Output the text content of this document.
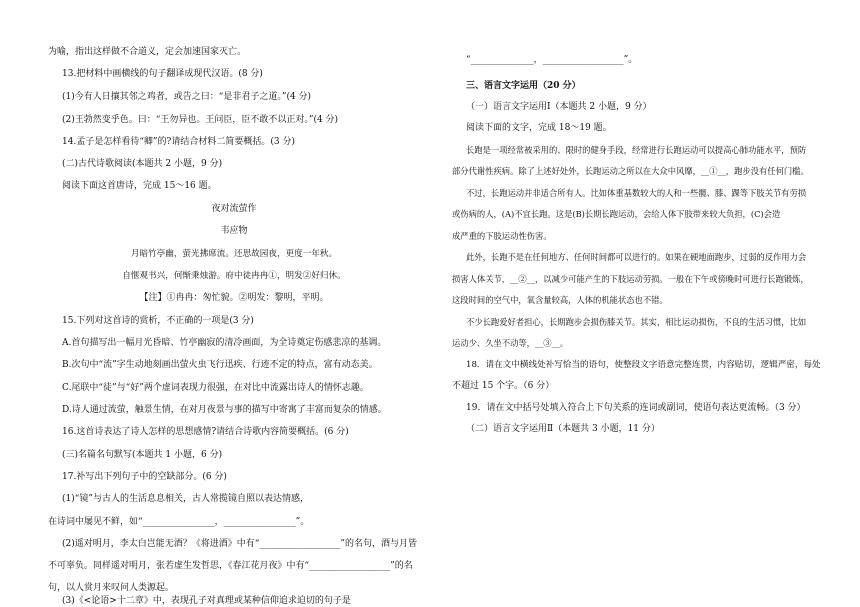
为喻，指出这样做不合道义，定会加速国家灭亡。
13.把材料中画横线的句子翻译成现代汉语。(8 分)
(1)今有人日攘其邻之鸡者，或告之曰：“是非君子之道。”(4 分)
(2)王勃然变乎色。曰：“王勿异也。王问臣，臣不敢不以正对。”(4 分)
14.孟子是怎样看待“卿”的?请结合材料二简要概括。(3 分)
(二)古代诗歌阅读(本题共 2 小题，9 分)
阅读下面这首唐诗，完成 15～16 题。
夜对流萤作
韦应物
月暗竹亭幽，萤光拂席流。还思故园夜，更度一年秋。
自惬观书兴，何惭秉烛游。府中徒冉冉①，明发②好归休。
【注】①冉冉：匆忙貌。②明发：黎明，平明。
15.下列对这首诗的赏析，不正确的一项是(3 分)
A.首句描写出一幅月光昏暗、竹亭幽寂的清冷画面，为全诗奠定伤感悲凉的基调。
B.次句中“流”字生动地刻画出萤火虫飞行迅疾、行迹不定的特点，富有动态美。
C.尾联中“徒”与“好”两个虚词表现力很强，在对比中流露出诗人的情怀志趣。
D.诗人通过流萤，触景生情，在对月夜景与事的描写中寄寓了丰富而复杂的情感。
16.这首诗表达了诗人怎样的思想感情?请结合诗歌内容简要概括。(6 分)
(三)名篇名句默写(本题共 1 小题，6 分)
17.补写出下列句子中的空缺部分。(6 分)
(1)“镜”与古人的生活息息相关，古人常揽镜自照以表达情感，
在诗词中屡见不鲜，如“________________，________________”。
(2)遥对明月，李太白岂能无酒？《将进酒》中有“__________________”的名句，酒与月皆
不可辜负。同样遥对明月，张若虚生发哲思，《春江花月夜》中有“__________________”的名
句，以人赏月来叹问人类源起。
(3)《<论语>十二章》中，表现孔子对真理或某种信仰追求迫切的句子是
“______________，__________________”。
三、语言文字运用（20 分）
（一）语言文字运用Ⅰ（本题共 2 小题，9 分）
阅读下面的文字，完成 18～19 题。
长跑是一项经常被采用的、限时的健身手段，经常进行长跑运动可以提高心肺功能水平，预防
部分代谢性疾病。除了上述好处外，长跑运动之所以在大众中风靡，__①__，跑步没有任何门槛。
不过，长跑运动并非适合所有人。比如体重基数较大的人和一些髋、膝、踝等下肢关节有劳损
或伤病的人，(A)不宜长跑。这是(B)长期长跑运动，会给人体下肢带来较大负担，(C)会造
成严重的下肢运动性伤害。
此外，长跑不是在任何地方、任何时间都可以进行的。如果在硬地面跑步，过弱的反作用力会
损害人体关节，__②__，以减少可能产生的下肢运动劳损。一般在下午或傍晚时可进行长跑锻炼，
这段时间的空气中，氧含量较高，人体的机能状态也不错。
不少长跑爱好者担心，长期跑步会损伤膝关节。其实，相比运动损伤，不良的生活习惯，比如
运动少、久坐不动等，__③__。
18．请在文中横线处补写恰当的语句，使整段文字语意完整连贯，内容贴切，逻辑严密，每处
不超过 15 个字。（6 分）
19．请在文中括号处填入符合上下句关系的连词或副词，使语句表达更流畅。（3 分）
（二）语言文字运用Ⅱ（本题共 3 小题，11 分）
